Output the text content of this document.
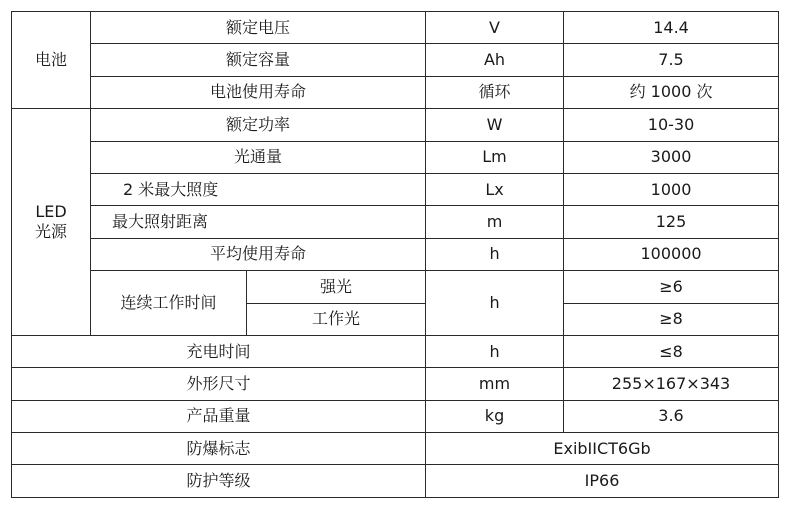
电池	额定电压		V	14.4
	额定容量		Ah	7.5
	电池使用寿命		循环	约 1000 次

LED
光源	额定功率		W	10-30
	光通量		Lm	3000
	2 米最大照度		Lx	1000
	最大照射距离		m	125
	平均使用寿命		h	100000
	连续工作时间	强光	h	≥6
		工作光		≥8
充电时间			h	≤8
外形尺寸			mm	255×167×343
产品重量			kg	3.6
防爆标志			ExibIICT6Gb	
防护等级			IP66	
